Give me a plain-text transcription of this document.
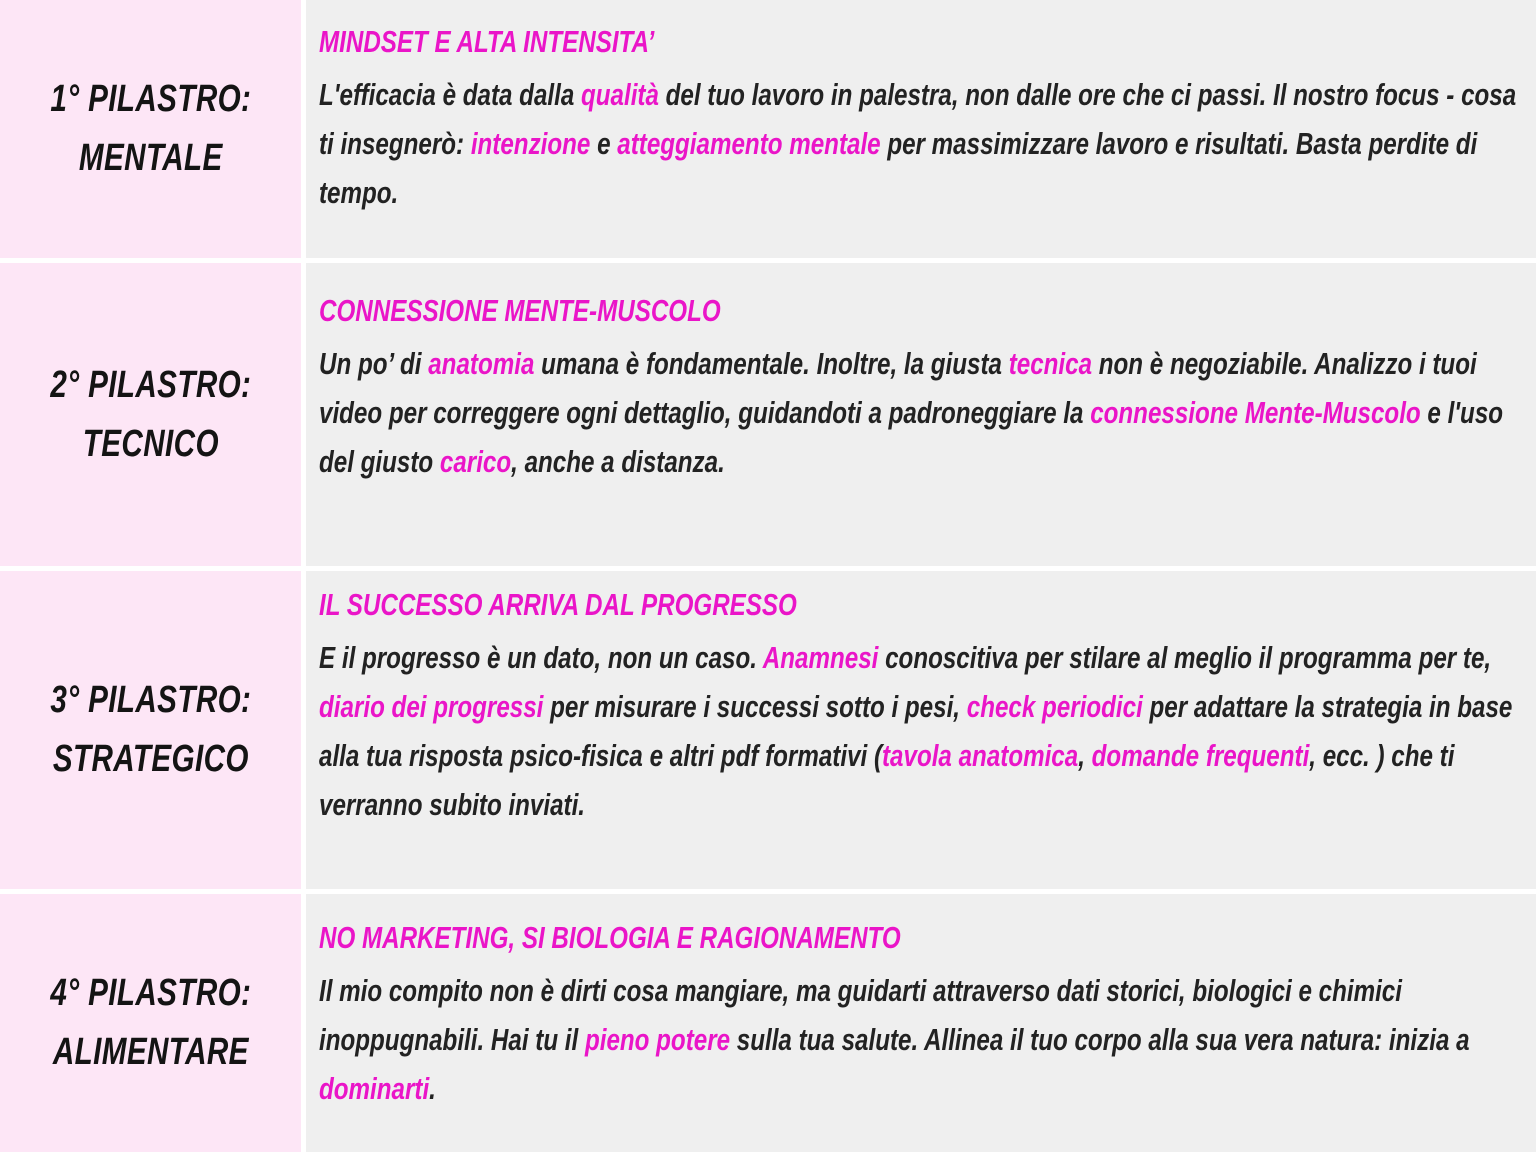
1° PILASTRO:
MENTALE
MINDSET E ALTA INTENSITA’
L'efficacia è data dalla qualità del tuo lavoro in palestra, non dalle ore che ci passi. Il nostro focus - cosa ti insegnerò: intenzione e atteggiamento mentale per massimizzare lavoro e risultati. Basta perdite di tempo.
2° PILASTRO:
TECNICO
CONNESSIONE MENTE-MUSCOLO
Un po’ di anatomia umana è fondamentale. Inoltre, la giusta tecnica non è negoziabile. Analizzo i tuoi video per correggere ogni dettaglio, guidandoti a padroneggiare la connessione Mente-Muscolo e l'uso del giusto carico, anche a distanza.
3° PILASTRO:
STRATEGICO
IL SUCCESSO ARRIVA DAL PROGRESSO
E il progresso è un dato, non un caso. Anamnesi conoscitiva per stilare al meglio il programma per te, diario dei progressi per misurare i successi sotto i pesi, check periodici per adattare la strategia in base alla tua risposta psico-fisica e altri pdf formativi (tavola anatomica, domande frequenti, ecc. ) che ti verranno subito inviati.
4° PILASTRO:
ALIMENTARE
NO MARKETING, SI BIOLOGIA E RAGIONAMENTO
Il mio compito non è dirti cosa mangiare, ma guidarti attraverso dati storici, biologici e chimici inoppugnabili. Hai tu il pieno potere sulla tua salute. Allinea il tuo corpo alla sua vera natura: inizia a dominarti.
